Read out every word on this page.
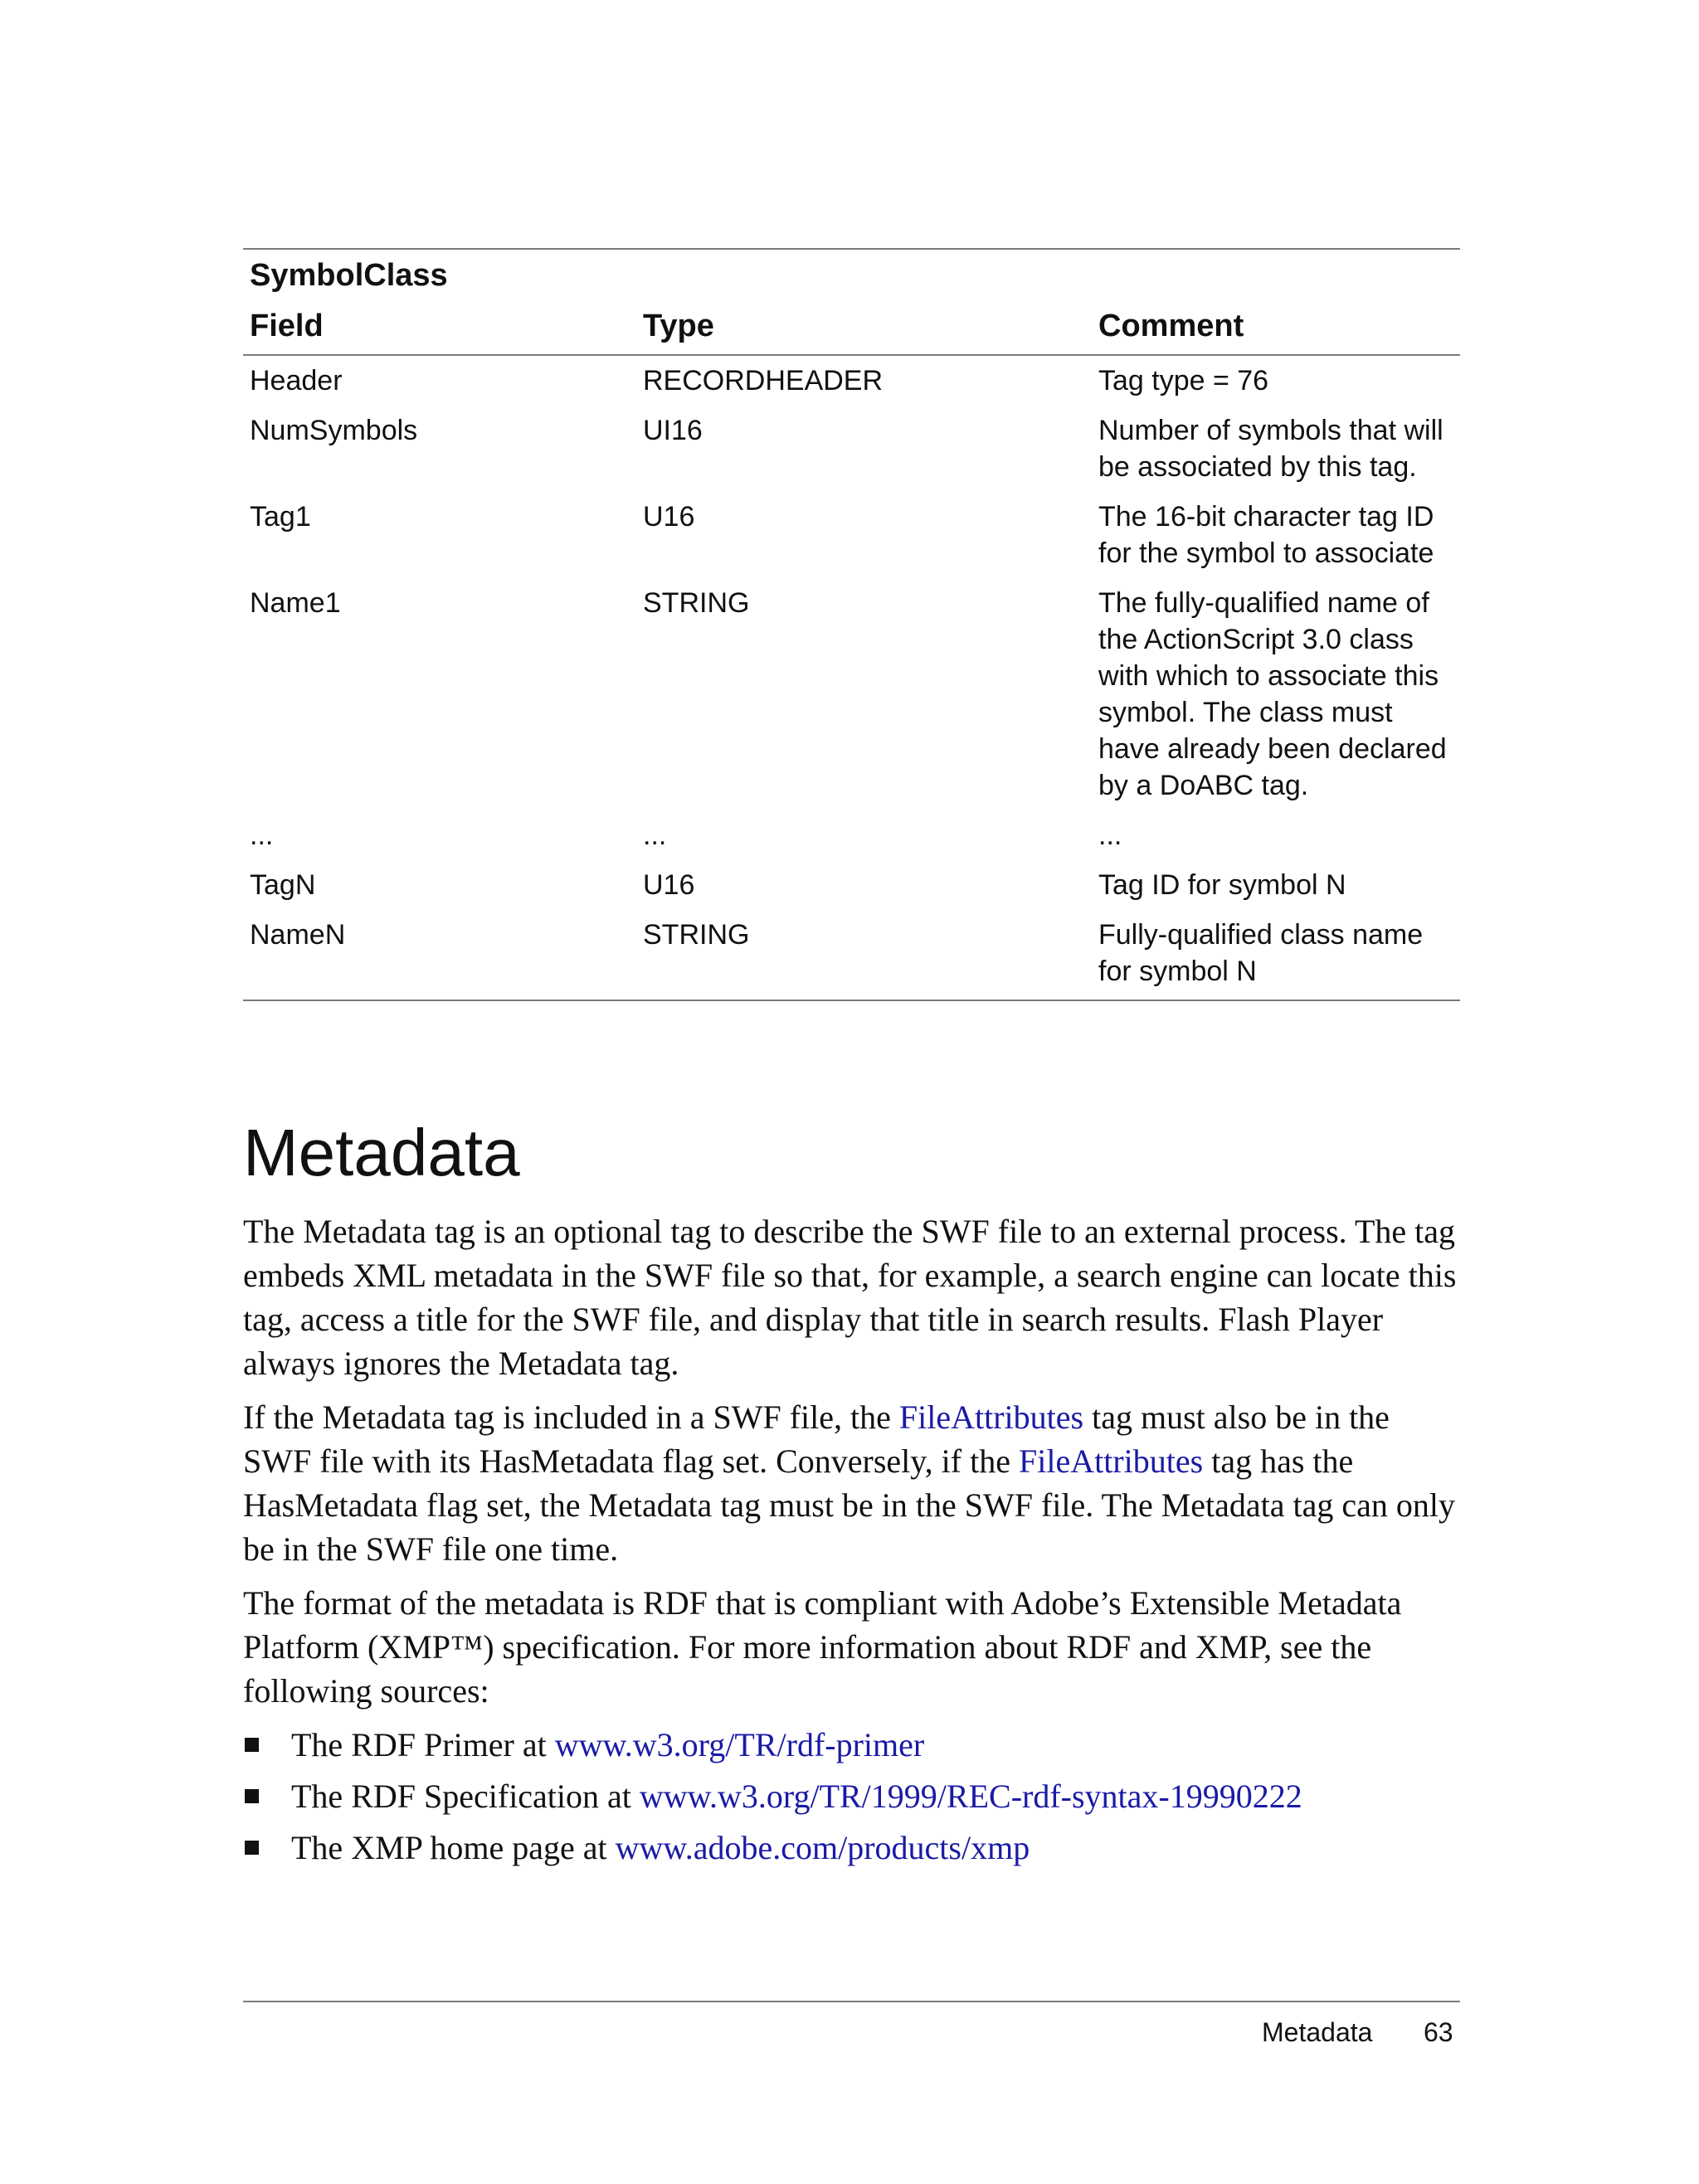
SymbolClass
Field	Type	Comment
Header	RECORDHEADER	Tag type = 76
NumSymbols	UI16	Number of symbols that will be associated by this tag.
Tag1	U16	The 16-bit character tag ID for the symbol to associate
Name1	STRING	The fully-qualified name of the ActionScript 3.0 class with which to associate this symbol. The class must have already been declared by a DoABC tag.
...	...	...
TagN	U16	Tag ID for symbol N
NameN	STRING	Fully-qualified class name for symbol N
Metadata

The Metadata tag is an optional tag to describe the SWF file to an external process. The tag embeds XML metadata in the SWF file so that, for example, a search engine can locate this tag, access a title for the SWF file, and display that title in search results. Flash Player always ignores the Metadata tag.

If the Metadata tag is included in a SWF file, the FileAttributes tag must also be in the SWF file with its HasMetadata flag set. Conversely, if the FileAttributes tag has the HasMetadata flag set, the Metadata tag must be in the SWF file. The Metadata tag can only be in the SWF file one time.

The format of the metadata is RDF that is compliant with Adobe’s Extensible Metadata Platform (XMP™) specification. For more information about RDF and XMP, see the following sources:

The RDF Primer at www.w3.org/TR/rdf-primer
The RDF Specification at www.w3.org/TR/1999/REC-rdf-syntax-19990222
The XMP home page at www.adobe.com/products/xmp
Metadata 63
